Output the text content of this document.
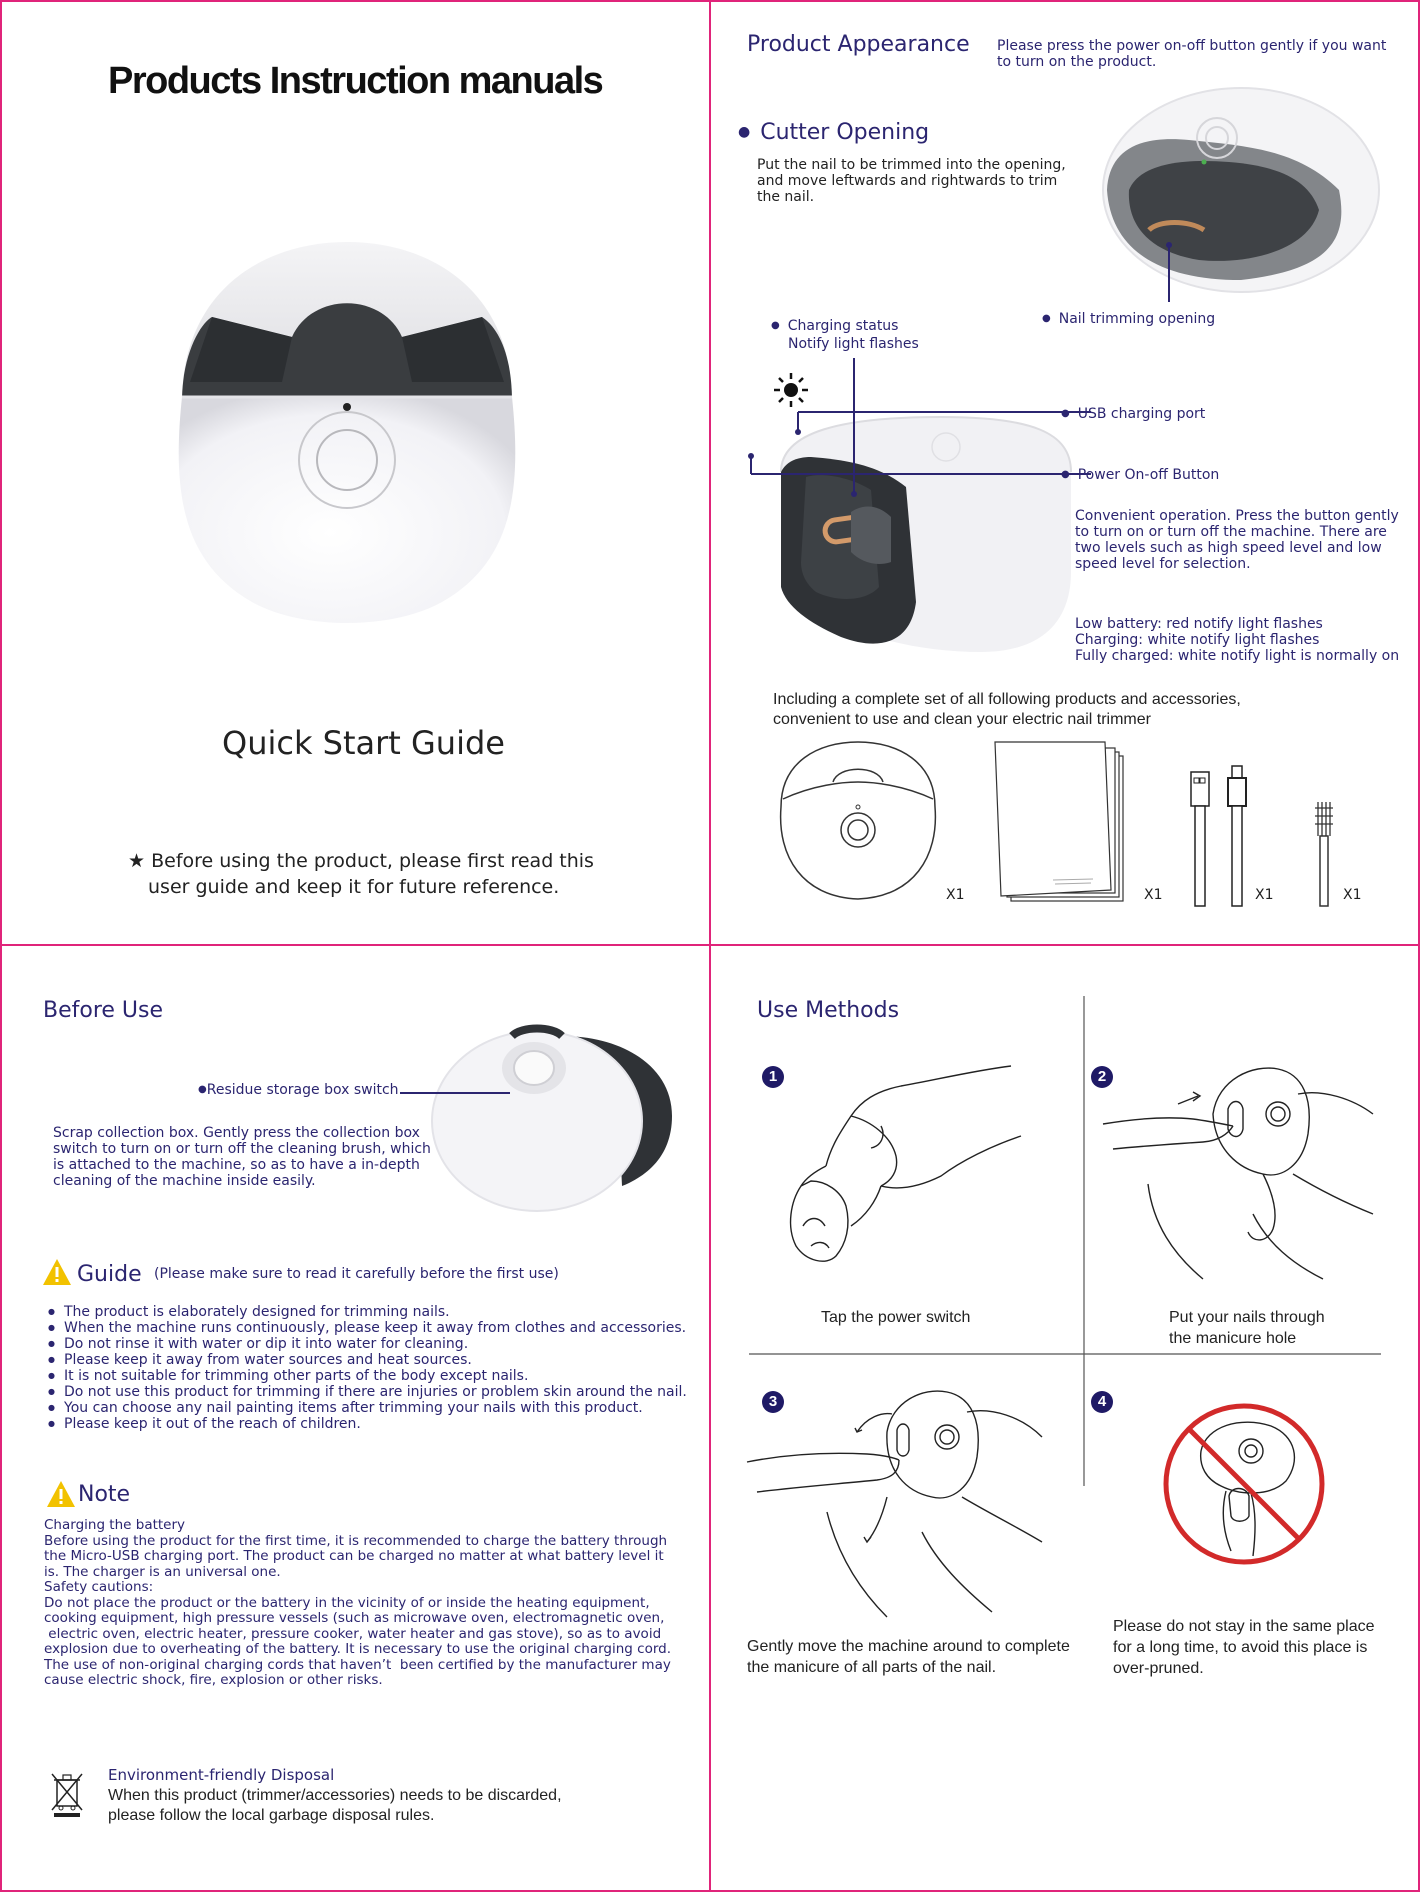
Products Instruction manuals
Quick Start Guide
★ Before using the product, please first read this
user guide and keep it for future reference.
Product Appearance Please press the power on-off button gently if you want
to turn on the product.
● Cutter Opening
Put the nail to be trimmed into the opening,
and move leftwards and rightwards to trim
the nail.
● Nail trimming opening
● Charging status
Notify light flashes
● USB charging port
● Power On-off Button
Convenient operation. Press the button gently
to turn on or turn off the machine. There are
two levels such as high speed level and low
speed level for selection.
Low battery: red notify light flashes
Charging: white notify light flashes
Fully charged: white notify light is normally on
Including a complete set of all following products and accessories,
convenient to use and clean your electric nail trimmer
X1	X1	X1	X1
Before Use
●Residue storage box switch
Scrap collection box. Gently press the collection box
switch to turn on or turn off the cleaning brush, which
is attached to the machine, so as to have a in-depth
cleaning of the machine inside easily.
Guide (Please make sure to read it carefully before the first use)
● The product is elaborately designed for trimming nails.
● When the machine runs continuously, please keep it away from clothes and accessories.
● Do not rinse it with water or dip it into water for cleaning.
● Please keep it away from water sources and heat sources.
● It is not suitable for trimming other parts of the body except nails.
● Do not use this product for trimming if there are injuries or problem skin around the nail.
● You can choose any nail painting items after trimming your nails with this product.
● Please keep it out of the reach of children.
Note
Charging the battery
Before using the product for the first time, it is recommended to charge the battery through
the Micro-USB charging port. The product can be charged no matter at what battery level it
is. The charger is an universal one.
Safety cautions:
Do not place the product or the battery in the vicinity of or inside the heating equipment,
cooking equipment, high pressure vessels (such as microwave oven, electromagnetic oven,
electric oven, electric heater, pressure cooker, water heater and gas stove), so as to avoid
explosion due to overheating of the battery. It is necessary to use the original charging cord.
The use of non-original charging cords that haven’t  been certified by the manufacturer may
cause electric shock, fire, explosion or other risks.
Environment-friendly Disposal
When this product (trimmer/accessories) needs to be discarded,
please follow the local garbage disposal rules.
Use Methods
1
Tap the power switch
2
Put your nails through
the manicure hole
3
Gently move the machine around to complete
the manicure of all parts of the nail.
4
Please do not stay in the same place
for a long time, to avoid this place is
over-pruned.
